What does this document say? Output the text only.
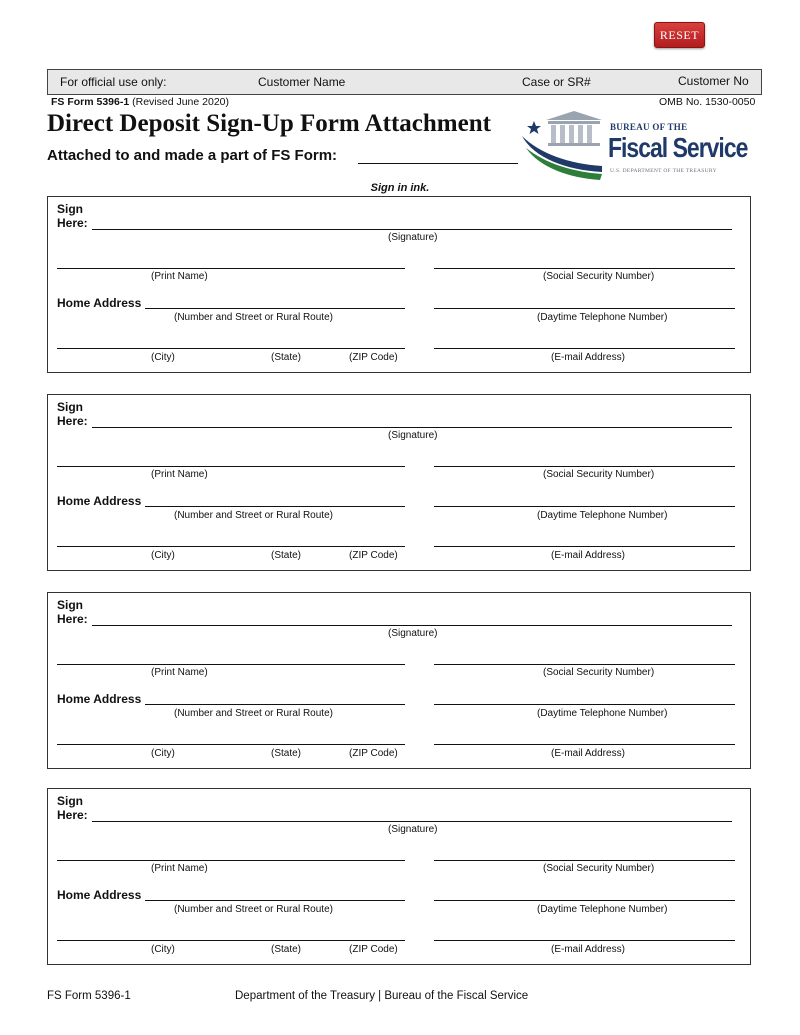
RESET
For official use only:	Customer Name	Case or SR#	Customer No
FS Form 5396-1 (Revised June 2020)	OMB No. 1530-0050
Direct Deposit Sign-Up Form Attachment
Attached to and made a part of FS Form:
BUREAU OF THE
Fiscal Service
U.S. DEPARTMENT OF THE TREASURY
Sign in ink.
Sign
Here:
(Signature)
(Print Name)	(Social Security Number)
Home Address
(Number and Street or Rural Route)	(Daytime Telephone Number)
(City)	(State)	(ZIP Code)	(E-mail Address)
Sign
Here:
(Signature)
(Print Name)	(Social Security Number)
Home Address
(Number and Street or Rural Route)	(Daytime Telephone Number)
(City)	(State)	(ZIP Code)	(E-mail Address)
Sign
Here:
(Signature)
(Print Name)	(Social Security Number)
Home Address
(Number and Street or Rural Route)	(Daytime Telephone Number)
(City)	(State)	(ZIP Code)	(E-mail Address)
Sign
Here:
(Signature)
(Print Name)	(Social Security Number)
Home Address
(Number and Street or Rural Route)	(Daytime Telephone Number)
(City)	(State)	(ZIP Code)	(E-mail Address)
FS Form 5396-1	Department of the Treasury | Bureau of the Fiscal Service
